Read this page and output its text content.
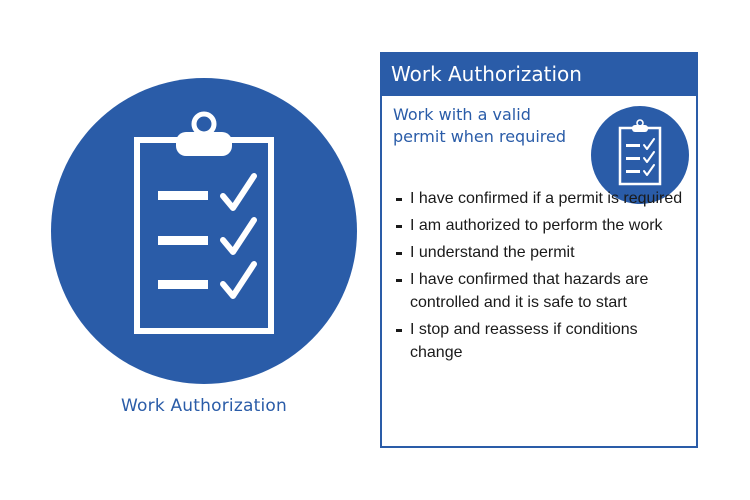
Work Authorization
Work Authorization
Work with a valid permit when required
I have confirmed if a permit is required
I am authorized to perform the work
I understand the permit
I have confirmed that hazards are controlled and it is safe to start
I stop and reassess if conditions change
